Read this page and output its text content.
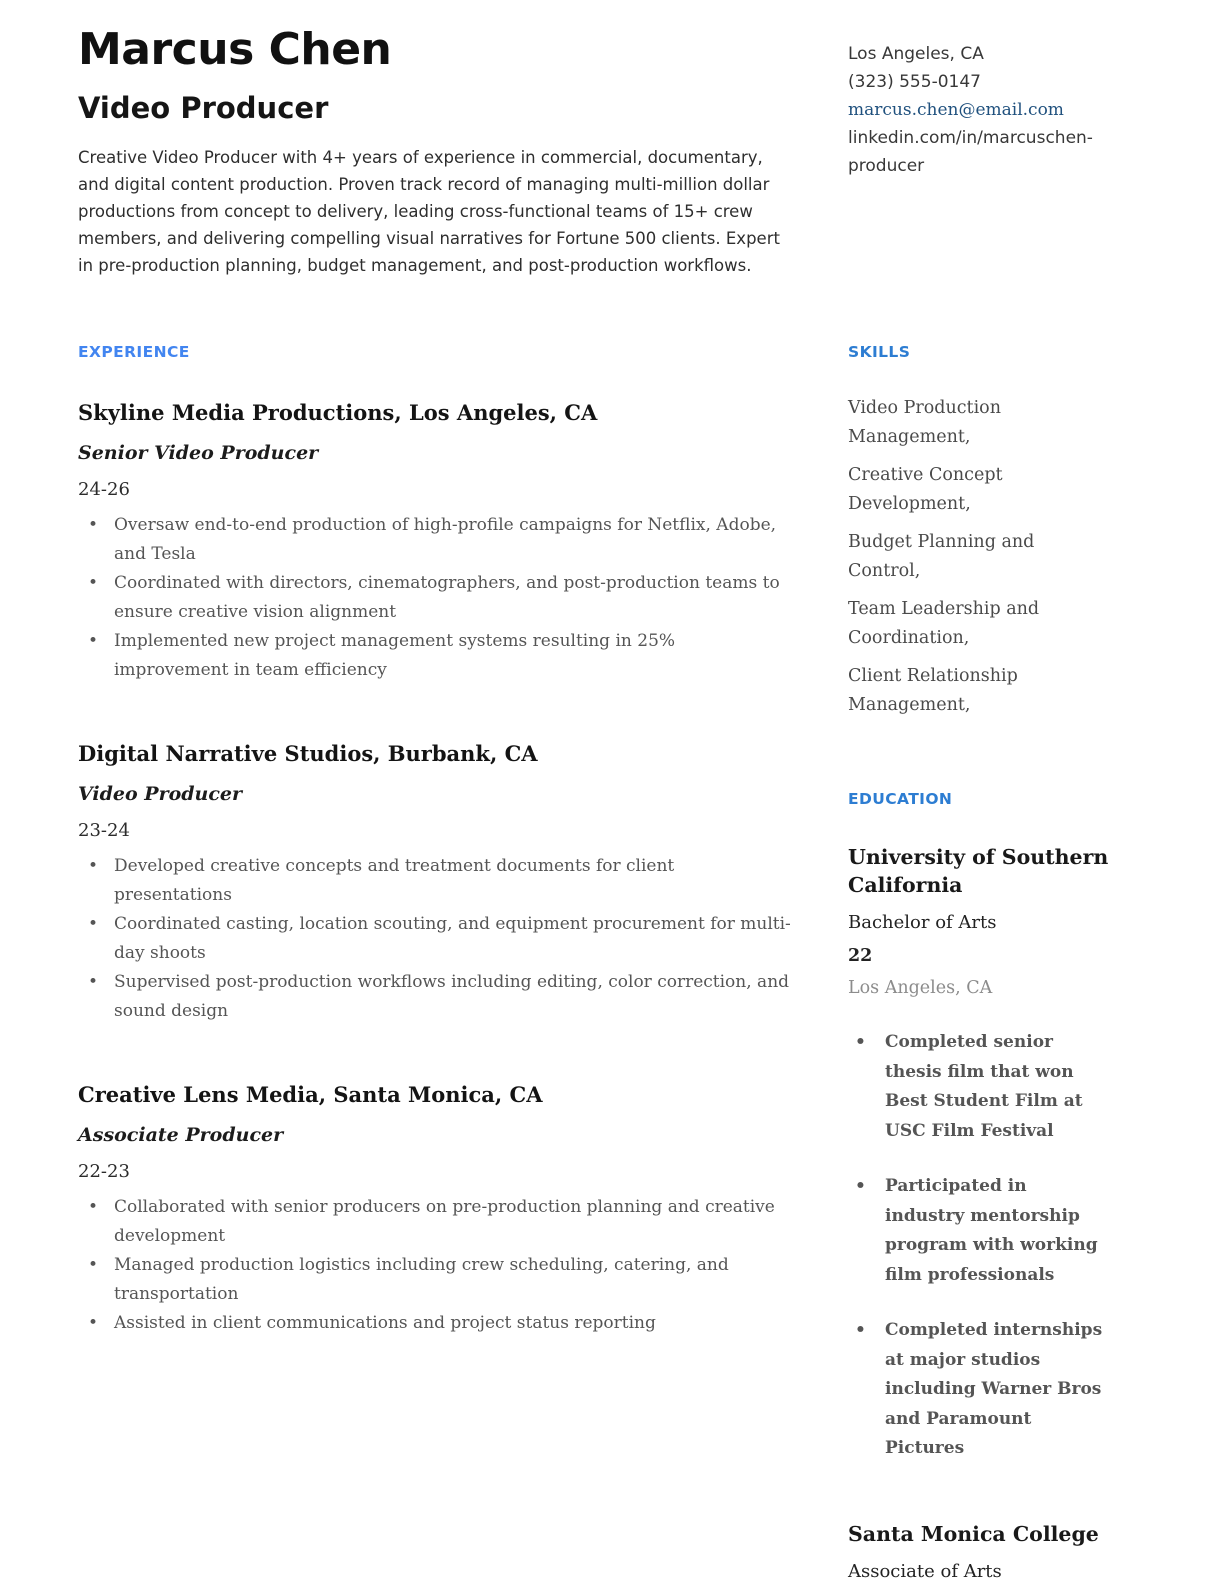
Marcus Chen
Video Producer

Creative Video Producer with 4+ years of experience in commercial, documentary, and digital content production. Proven track record of managing multi-million dollar productions from concept to delivery, leading cross-functional teams of 15+ crew members, and delivering compelling visual narratives for Fortune 500 clients. Expert in pre-production planning, budget management, and post-production workflows.

Los Angeles, CA
(323) 555-0147
marcus.chen@email.com
linkedin.com/in/marcuschen-producer
EXPERIENCE
Skyline Media Productions, Los Angeles, CA
Senior Video Producer
24-26
• Oversaw end-to-end production of high-profile campaigns for Netflix, Adobe, and Tesla
• Coordinated with directors, cinematographers, and post-production teams to ensure creative vision alignment
• Implemented new project management systems resulting in 25% improvement in team efficiency
Digital Narrative Studios, Burbank, CA
Video Producer
23-24
• Developed creative concepts and treatment documents for client presentations
• Coordinated casting, location scouting, and equipment procurement for multi-day shoots
• Supervised post-production workflows including editing, color correction, and sound design
Creative Lens Media, Santa Monica, CA
Associate Producer
22-23
• Collaborated with senior producers on pre-production planning and creative development
• Managed production logistics including crew scheduling, catering, and transportation
• Assisted in client communications and project status reporting
SKILLS
Video Production Management,
Creative Concept Development,
Budget Planning and Control,
Team Leadership and Coordination,
Client Relationship Management,
EDUCATION
University of Southern California
Bachelor of Arts
22
Los Angeles, CA
• Completed senior thesis film that won Best Student Film at USC Film Festival
• Participated in industry mentorship program with working film professionals
• Completed internships at major studios including Warner Bros and Paramount Pictures
Santa Monica College
Associate of Arts
